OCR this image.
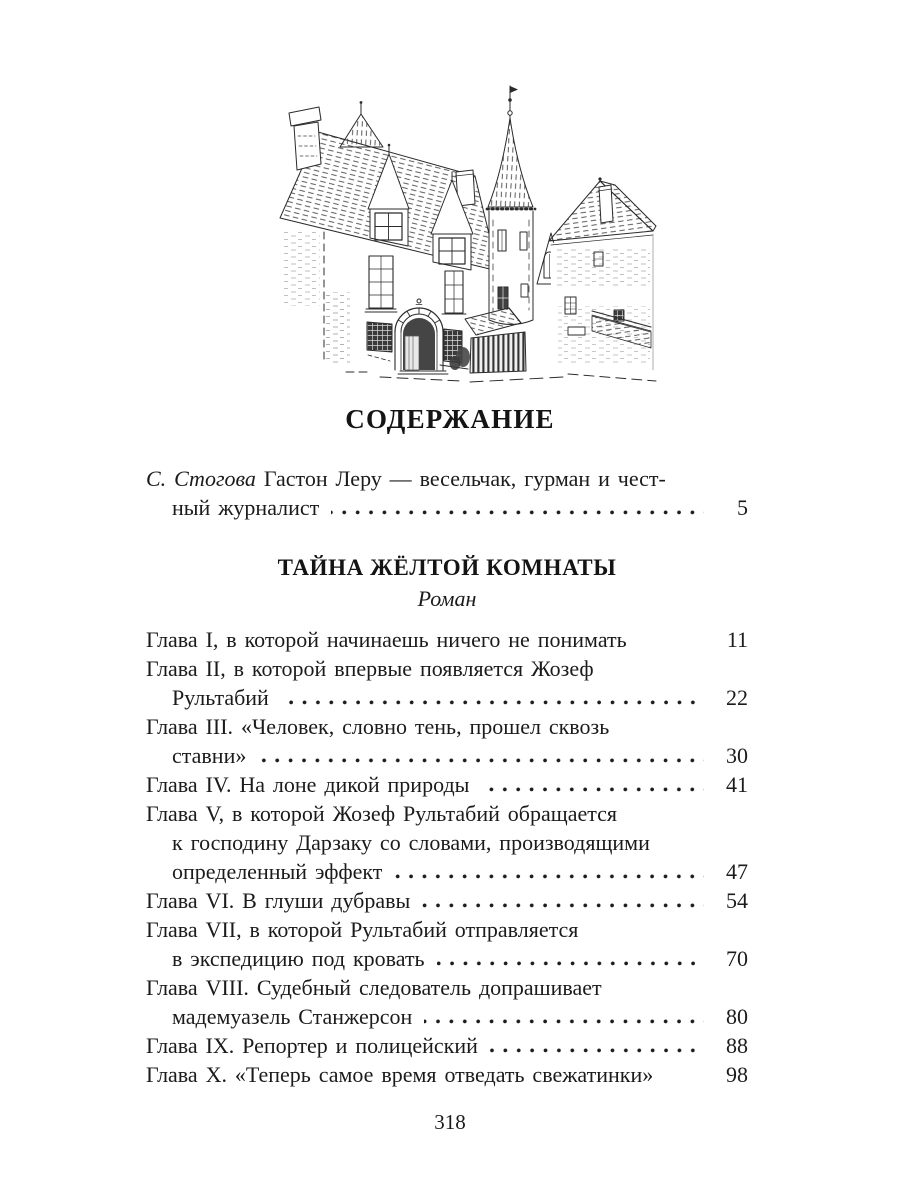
СОДЕРЖАНИЕ
С. Стогова Гастон Леру — весельчак, гурман и чест-
ный журналист	5
ТАЙНА ЖЁЛТОЙ КОМНАТЫ
Роман
Глава I, в которой начинаешь ничего не понимать	11
Глава II, в которой впервые появляется Жозеф
Рультабий	22
Глава III. «Человек, словно тень, прошел сквозь
ставни»	30
Глава IV. На лоне дикой природы	41
Глава V, в которой Жозеф Рультабий обращается
к господину Дарзаку со словами, производящими
определенный эффект	47
Глава VI. В глуши дубравы	54
Глава VII, в которой Рультабий отправляется
в экспедицию под кровать	70
Глава VIII. Судебный следователь допрашивает
мадемуазель Станжерсон	80
Глава IX. Репортер и полицейский	88
Глава X. «Теперь самое время отведать свежатинки»	98
318
